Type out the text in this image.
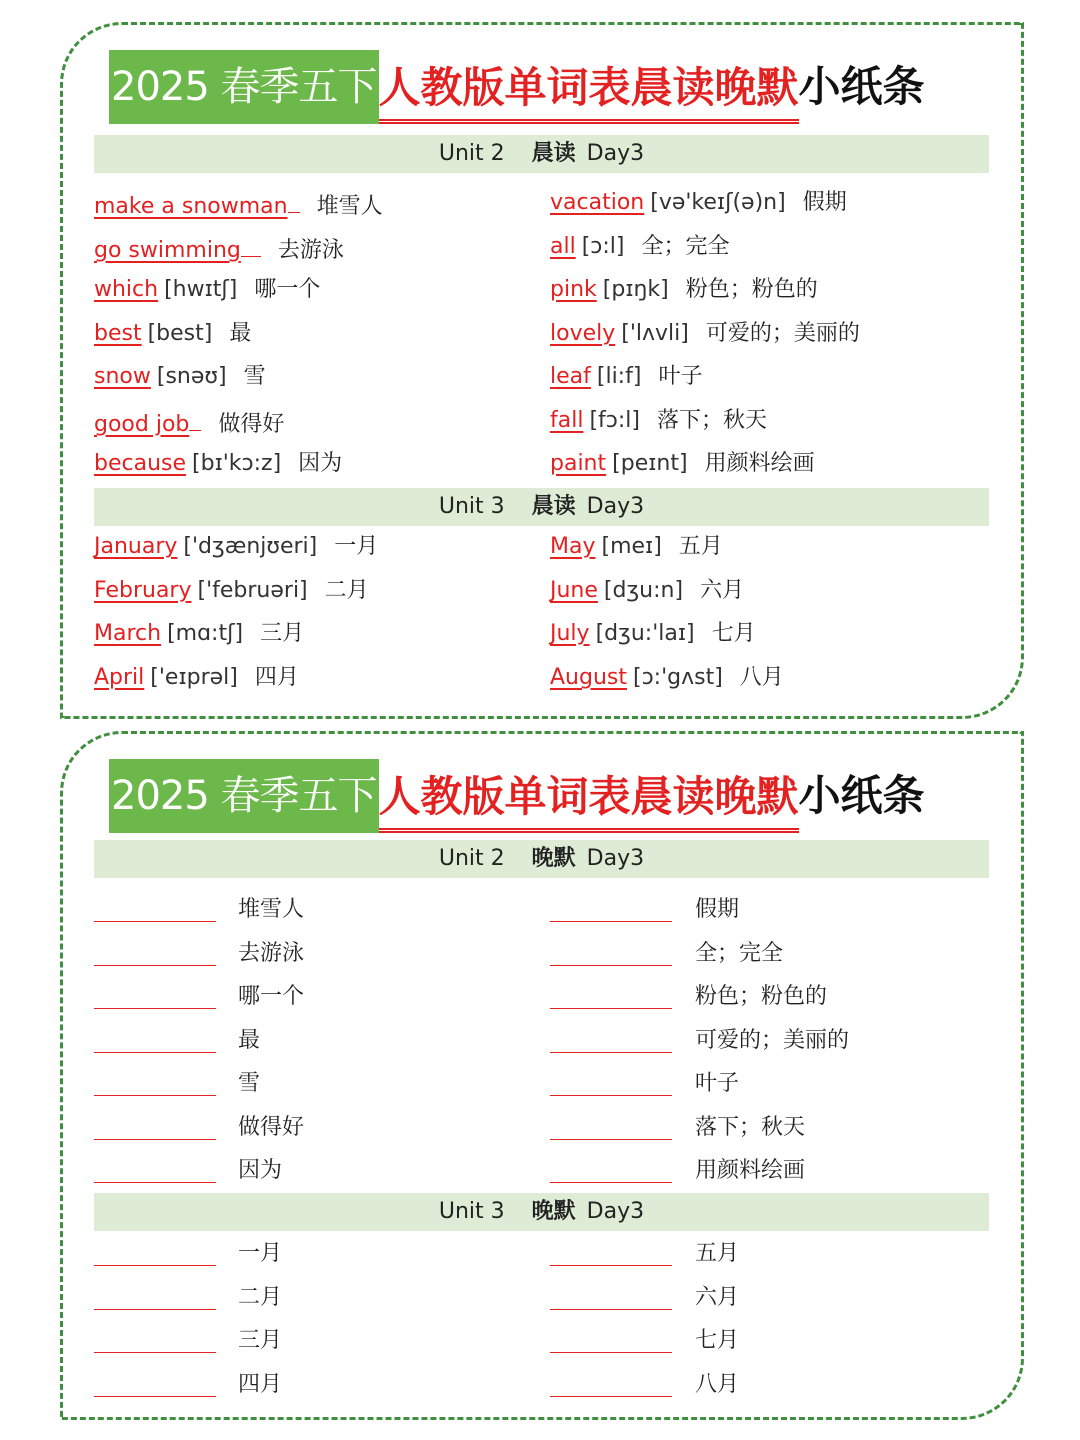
2025 春季五下 人教版单词表晨读晚默 小纸条
Unit 2 晨读 Day3
make a snowman 堆雪人
go swimming 去游泳
which [hwɪtʃ] 哪一个
best [best] 最
snow [snəʊ] 雪
good job 做得好
because [bɪ'kɔ:z] 因为
vacation [və'keɪʃ(ə)n] 假期
all [ɔ:l] 全；完全
pink [pɪŋk] 粉色；粉色的
lovely ['lʌvli] 可爱的；美丽的
leaf [li:f] 叶子
fall [fɔ:l] 落下；秋天
paint [peɪnt] 用颜料绘画
Unit 3 晨读 Day3
January ['dʒænjʊeri] 一月
February ['februəri] 二月
March [mɑ:tʃ] 三月
April ['eɪprəl] 四月
May [meɪ] 五月
June [dʒu:n] 六月
July [dʒu:'laɪ] 七月
August [ɔ:'gʌst] 八月
2025 春季五下 人教版单词表晨读晚默 小纸条
Unit 2 晚默 Day3
堆雪人
去游泳
哪一个
最
雪
做得好
因为
假期
全；完全
粉色；粉色的
可爱的；美丽的
叶子
落下；秋天
用颜料绘画
Unit 3 晚默 Day3
一月
二月
三月
四月
五月
六月
七月
八月
